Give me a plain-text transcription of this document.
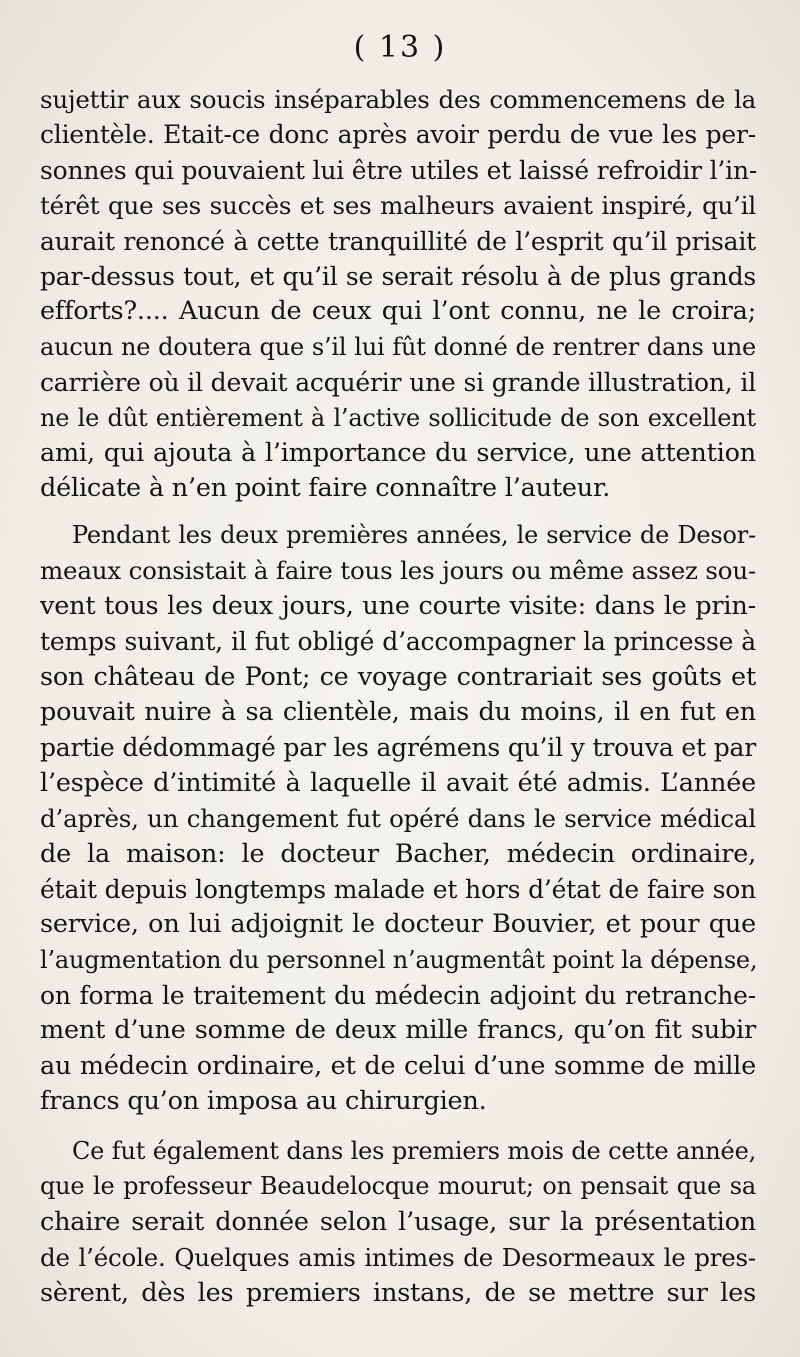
( 13 )
sujettir aux soucis inséparables des commencemens de la
clientèle. Etait-ce donc après avoir perdu de vue les per-
sonnes qui pouvaient lui être utiles et laissé refroidir l’in-
térêt que ses succès et ses malheurs avaient inspiré, qu’il
aurait renoncé à cette tranquillité de l’esprit qu’il prisait
par-dessus tout, et qu’il se serait résolu à de plus grands
efforts?.... Aucun de ceux qui l’ont connu, ne le croira;
aucun ne doutera que s’il lui fût donné de rentrer dans une
carrière où il devait acquérir une si grande illustration, il
ne le dût entièrement à l’active sollicitude de son excellent
ami, qui ajouta à l’importance du service, une attention
délicate à n’en point faire connaître l’auteur.
Pendant les deux premières années, le service de Desor-
meaux consistait à faire tous les jours ou même assez sou-
vent tous les deux jours, une courte visite: dans le prin-
temps suivant, il fut obligé d’accompagner la princesse à
son château de Pont; ce voyage contrariait ses goûts et
pouvait nuire à sa clientèle, mais du moins, il en fut en
partie dédommagé par les agrémens qu’il y trouva et par
l’espèce d’intimité à laquelle il avait été admis. L’année
d’après, un changement fut opéré dans le service médical
de la maison: le docteur Bacher, médecin ordinaire,
était depuis longtemps malade et hors d’état de faire son
service, on lui adjoignit le docteur Bouvier, et pour que
l’augmentation du personnel n’augmentât point la dépense,
on forma le traitement du médecin adjoint du retranche-
ment d’une somme de deux mille francs, qu’on fit subir
au médecin ordinaire, et de celui d’une somme de mille
francs qu’on imposa au chirurgien.
Ce fut également dans les premiers mois de cette année,
que le professeur Beaudelocque mourut; on pensait que sa
chaire serait donnée selon l’usage, sur la présentation
de l’école. Quelques amis intimes de Desormeaux le pres-
sèrent, dès les premiers instans, de se mettre sur les
